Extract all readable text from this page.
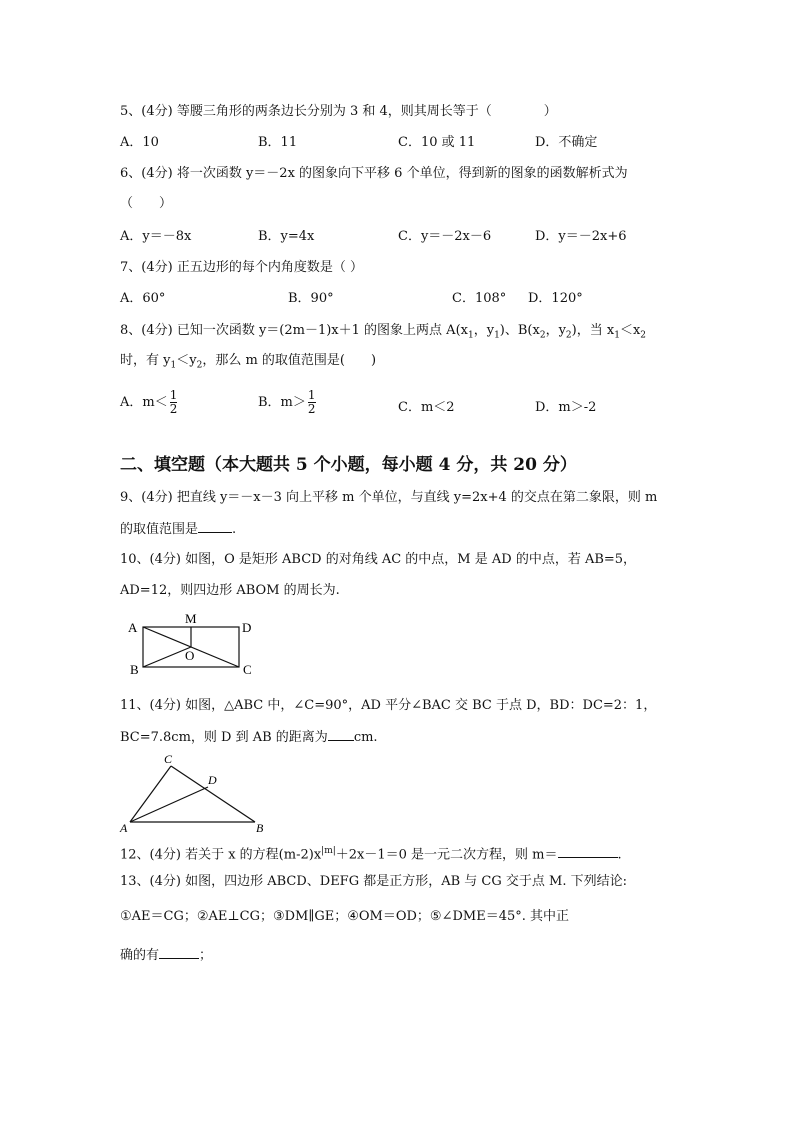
5、(4分) 等腰三角形的两条边长分别为 3 和 4，则其周长等于（　　　　）
A．10	B．11	C．10 或 11	D．不确定
6、(4分) 将一次函数 y＝－2x 的图象向下平移 6 个单位，得到新的图象的函数解析式为
（　　）
A．y＝－8x	B．y=4x	C．y＝－2x－6	D．y＝－2x+6
7、(4分) 正五边形的每个内角度数是（ ）
A．60°	B．90°	C．108° D．120°
8、(4分) 已知一次函数 y＝(2m－1)x＋1 的图象上两点 $A(x_1$，$y_1$)、$B(x_2$，$y_2$)，当 $x_1<x_2$
时，有 $y_1<y_2$，那么 m 的取值范围是(　　)
A．$m< \frac{1}{2}$	B．$m> \frac{1}{2}$	C．m＜2	D．m＞-2
二、填空题（本大题共 5 个小题，每小题 4 分，共 20 分）
9、(4分) 把直线 y＝－x－3 向上平移 m 个单位，与直线 y=2x+4 的交点在第二象限，则 m
的取值范围是	.
10、(4分) 如图，O 是矩形 ABCD 的对角线 AC 的中点，M 是 AD 的中点，若 AB=5，
AD=12，则四边形 ABOM 的周长为.
A
B	C
D
M
O
11、(4分) 如图，△ABC 中，∠C=90°，AD 平分∠BAC 交 BC 于点 D，BD：DC=2：1，
BC=7.8cm，则 D 到 AB 的距离为 cm.
A	B
C
D
12、(4分) 若关于 x 的方程$(m-2)x^{|m|}+2x-1=0$ 是一元二次方程，则 m＝	.
13、(4分) 如图，四边形 ABCD、DEFG 都是正方形，AB 与 CG 交于点 M. 下列结论:
①AE＝CG；②AE⊥CG；③DM∥GE；④OM＝OD；⑤∠DME＝45°. 其中正
确的有	；
